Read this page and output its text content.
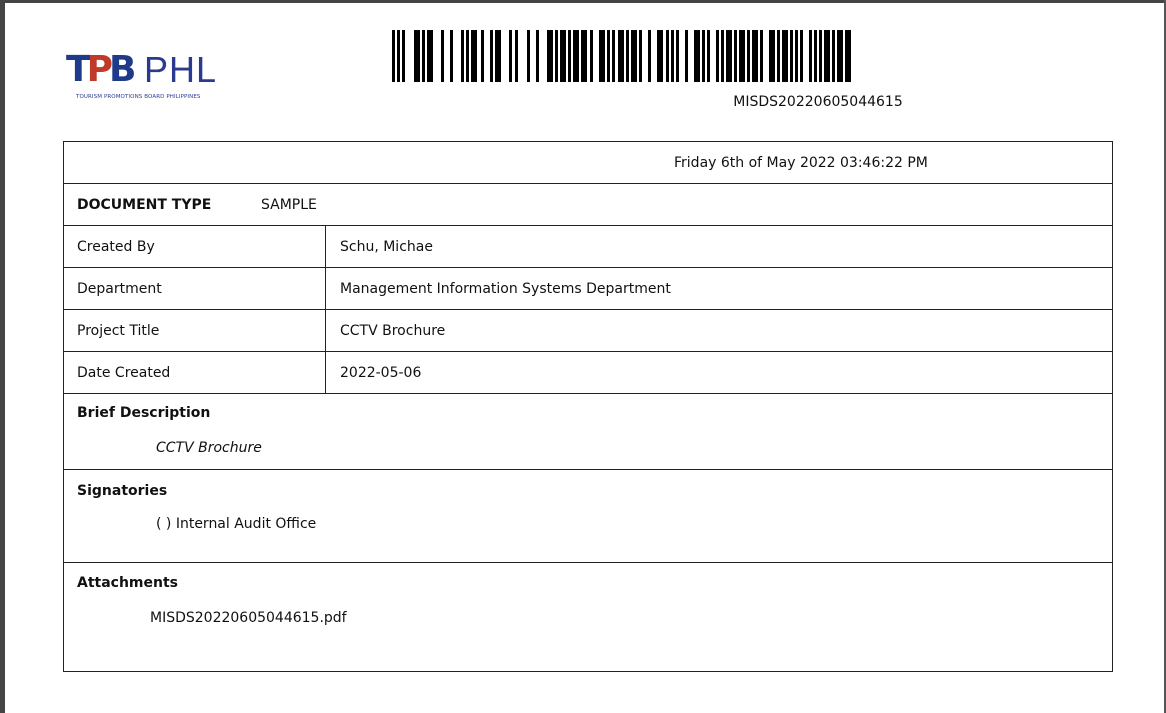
TPB PHL
TOURISM PROMOTIONS BOARD PHILIPPINES	MISDS20220605044615
Friday 6th of May 2022 03:46:22 PM
DOCUMENT TYPE	SAMPLE
Created By	Schu, Michae
Department	Management Information Systems Department
Project Title	CCTV Brochure
Date Created	2022-05-06
Brief Description
CCTV Brochure
Signatories
( ) Internal Audit Office
Attachments
MISDS20220605044615.pdf
